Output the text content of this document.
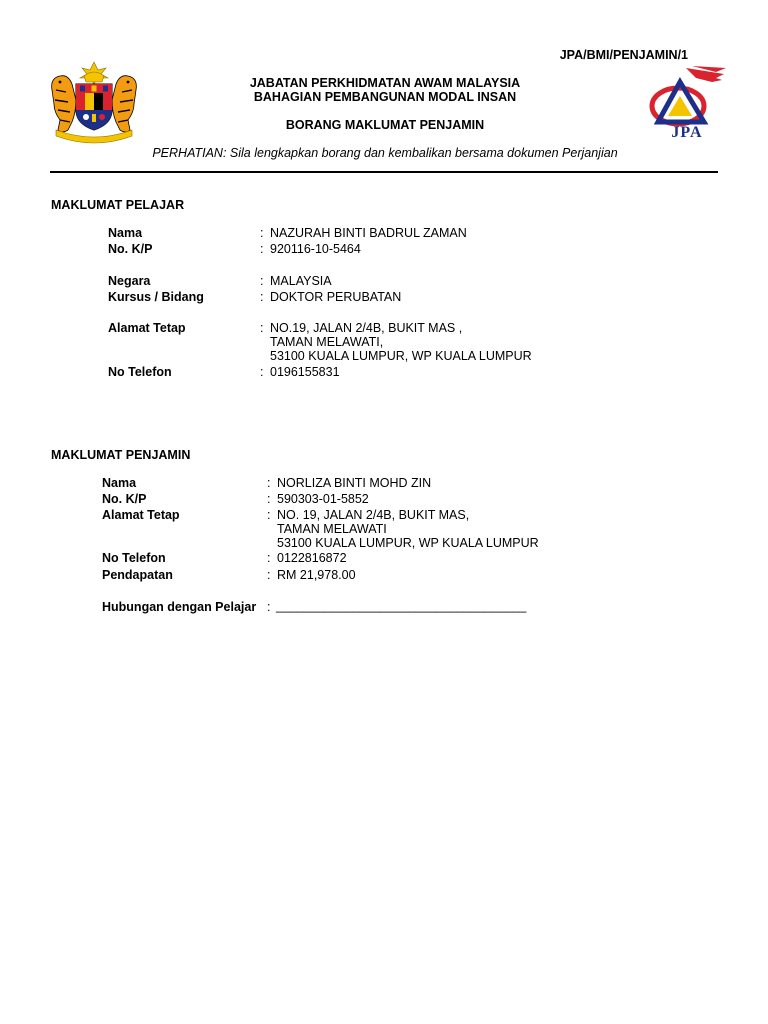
JPA/BMI/PENJAMIN/1
JABATAN PERKHIDMATAN AWAM MALAYSIA
BAHAGIAN PEMBANGUNAN MODAL INSAN
BORANG MAKLUMAT PENJAMIN	JPA
PERHATIAN: Sila lengkapkan borang dan kembalikan bersama dokumen Perjanjian
MAKLUMAT PELAJAR
Nama	: NAZURAH BINTI BADRUL ZAMAN
No. K/P	: 920116-10-5464
Negara	: MALAYSIA
Kursus / Bidang	: DOKTOR PERUBATAN
Alamat Tetap	: NO.19, JALAN 2/4B, BUKIT MAS ,
TAMAN MELAWATI,
53100 KUALA LUMPUR, WP KUALA LUMPUR
No Telefon	: 0196155831
MAKLUMAT PENJAMIN
Nama	: NORLIZA BINTI MOHD ZIN
No. K/P	: 590303-01-5852
Alamat Tetap	: NO. 19, JALAN 2/4B, BUKIT MAS,
TAMAN MELAWATI
53100 KUALA LUMPUR, WP KUALA LUMPUR
No Telefon	: 0122816872
Pendapatan	: RM 21,978.00
Hubungan dengan Pelajar : ____________________________________
